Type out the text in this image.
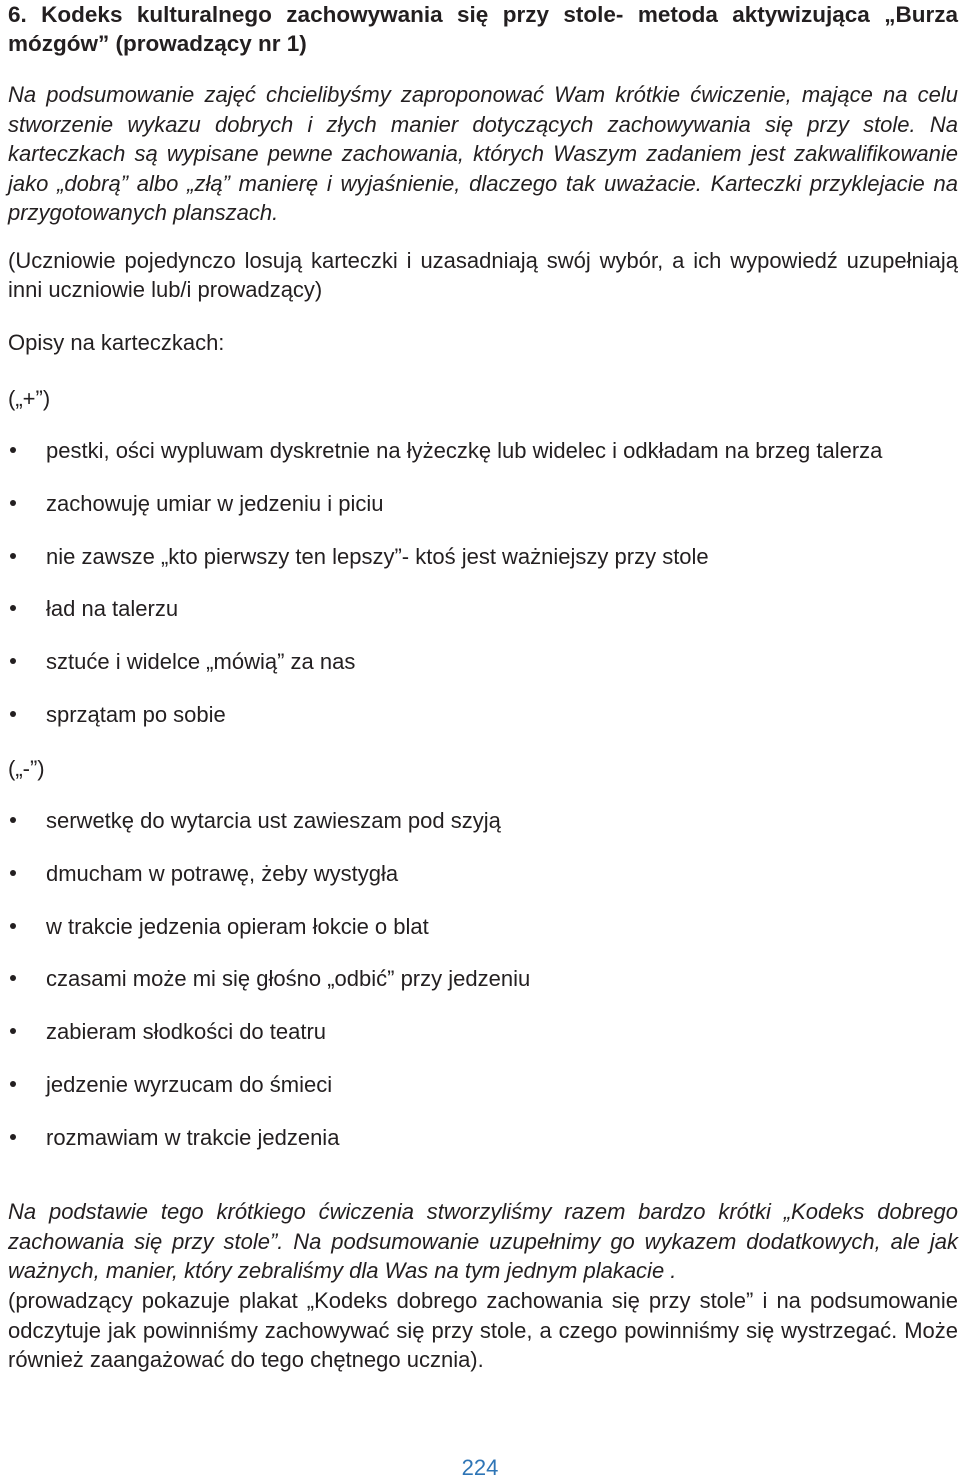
6. Kodeks kulturalnego zachowywania się przy stole- metoda aktywizująca „Burza mózgów” (prowadzący nr 1)

Na podsumowanie zajęć chcielibyśmy zaproponować Wam krótkie ćwiczenie, mające na celu stworzenie wykazu dobrych i złych manier dotyczących zachowywania się przy stole. Na karteczkach są wypisane pewne zachowania, których Waszym zadaniem jest zakwalifikowanie jako „dobrą” albo „złą” manierę i wyjaśnienie, dlaczego tak uważacie. Karteczki przyklejacie na przygotowanych planszach.

(Uczniowie pojedynczo losują karteczki i uzasadniają swój wybór, a ich wypowiedź uzupełniają inni uczniowie lub/i prowadzący)

Opisy na karteczkach:

(„+”)

pestki, ości wypluwam dyskretnie na łyżeczkę lub widelec i odkładam na brzeg talerza
zachowuję umiar w jedzeniu i piciu
nie zawsze „kto pierwszy ten lepszy”- ktoś jest ważniejszy przy stole
ład na talerzu
sztuće i widelce „mówią” za nas
sprzątam po sobie

(„-”)

serwetkę do wytarcia ust zawieszam pod szyją
dmucham w potrawę, żeby wystygła
w trakcie jedzenia opieram łokcie o blat
czasami może mi się głośno „odbić” przy jedzeniu
zabieram słodkości do teatru
jedzenie wyrzucam do śmieci
rozmawiam w trakcie jedzenia

Na podstawie tego krótkiego ćwiczenia stworzyliśmy razem bardzo krótki „Kodeks dobrego zachowania się przy stole”. Na podsumowanie uzupełnimy go wykazem dodatkowych, ale jak ważnych, manier, który zebraliśmy dla Was na tym jednym plakacie .

(prowadzący pokazuje plakat „Kodeks dobrego zachowania się przy stole” i na podsumowanie odczytuje jak powinniśmy zachowywać się przy stole, a czego powinniśmy się wystrzegać. Może również zaangażować do tego chętnego ucznia).

224
